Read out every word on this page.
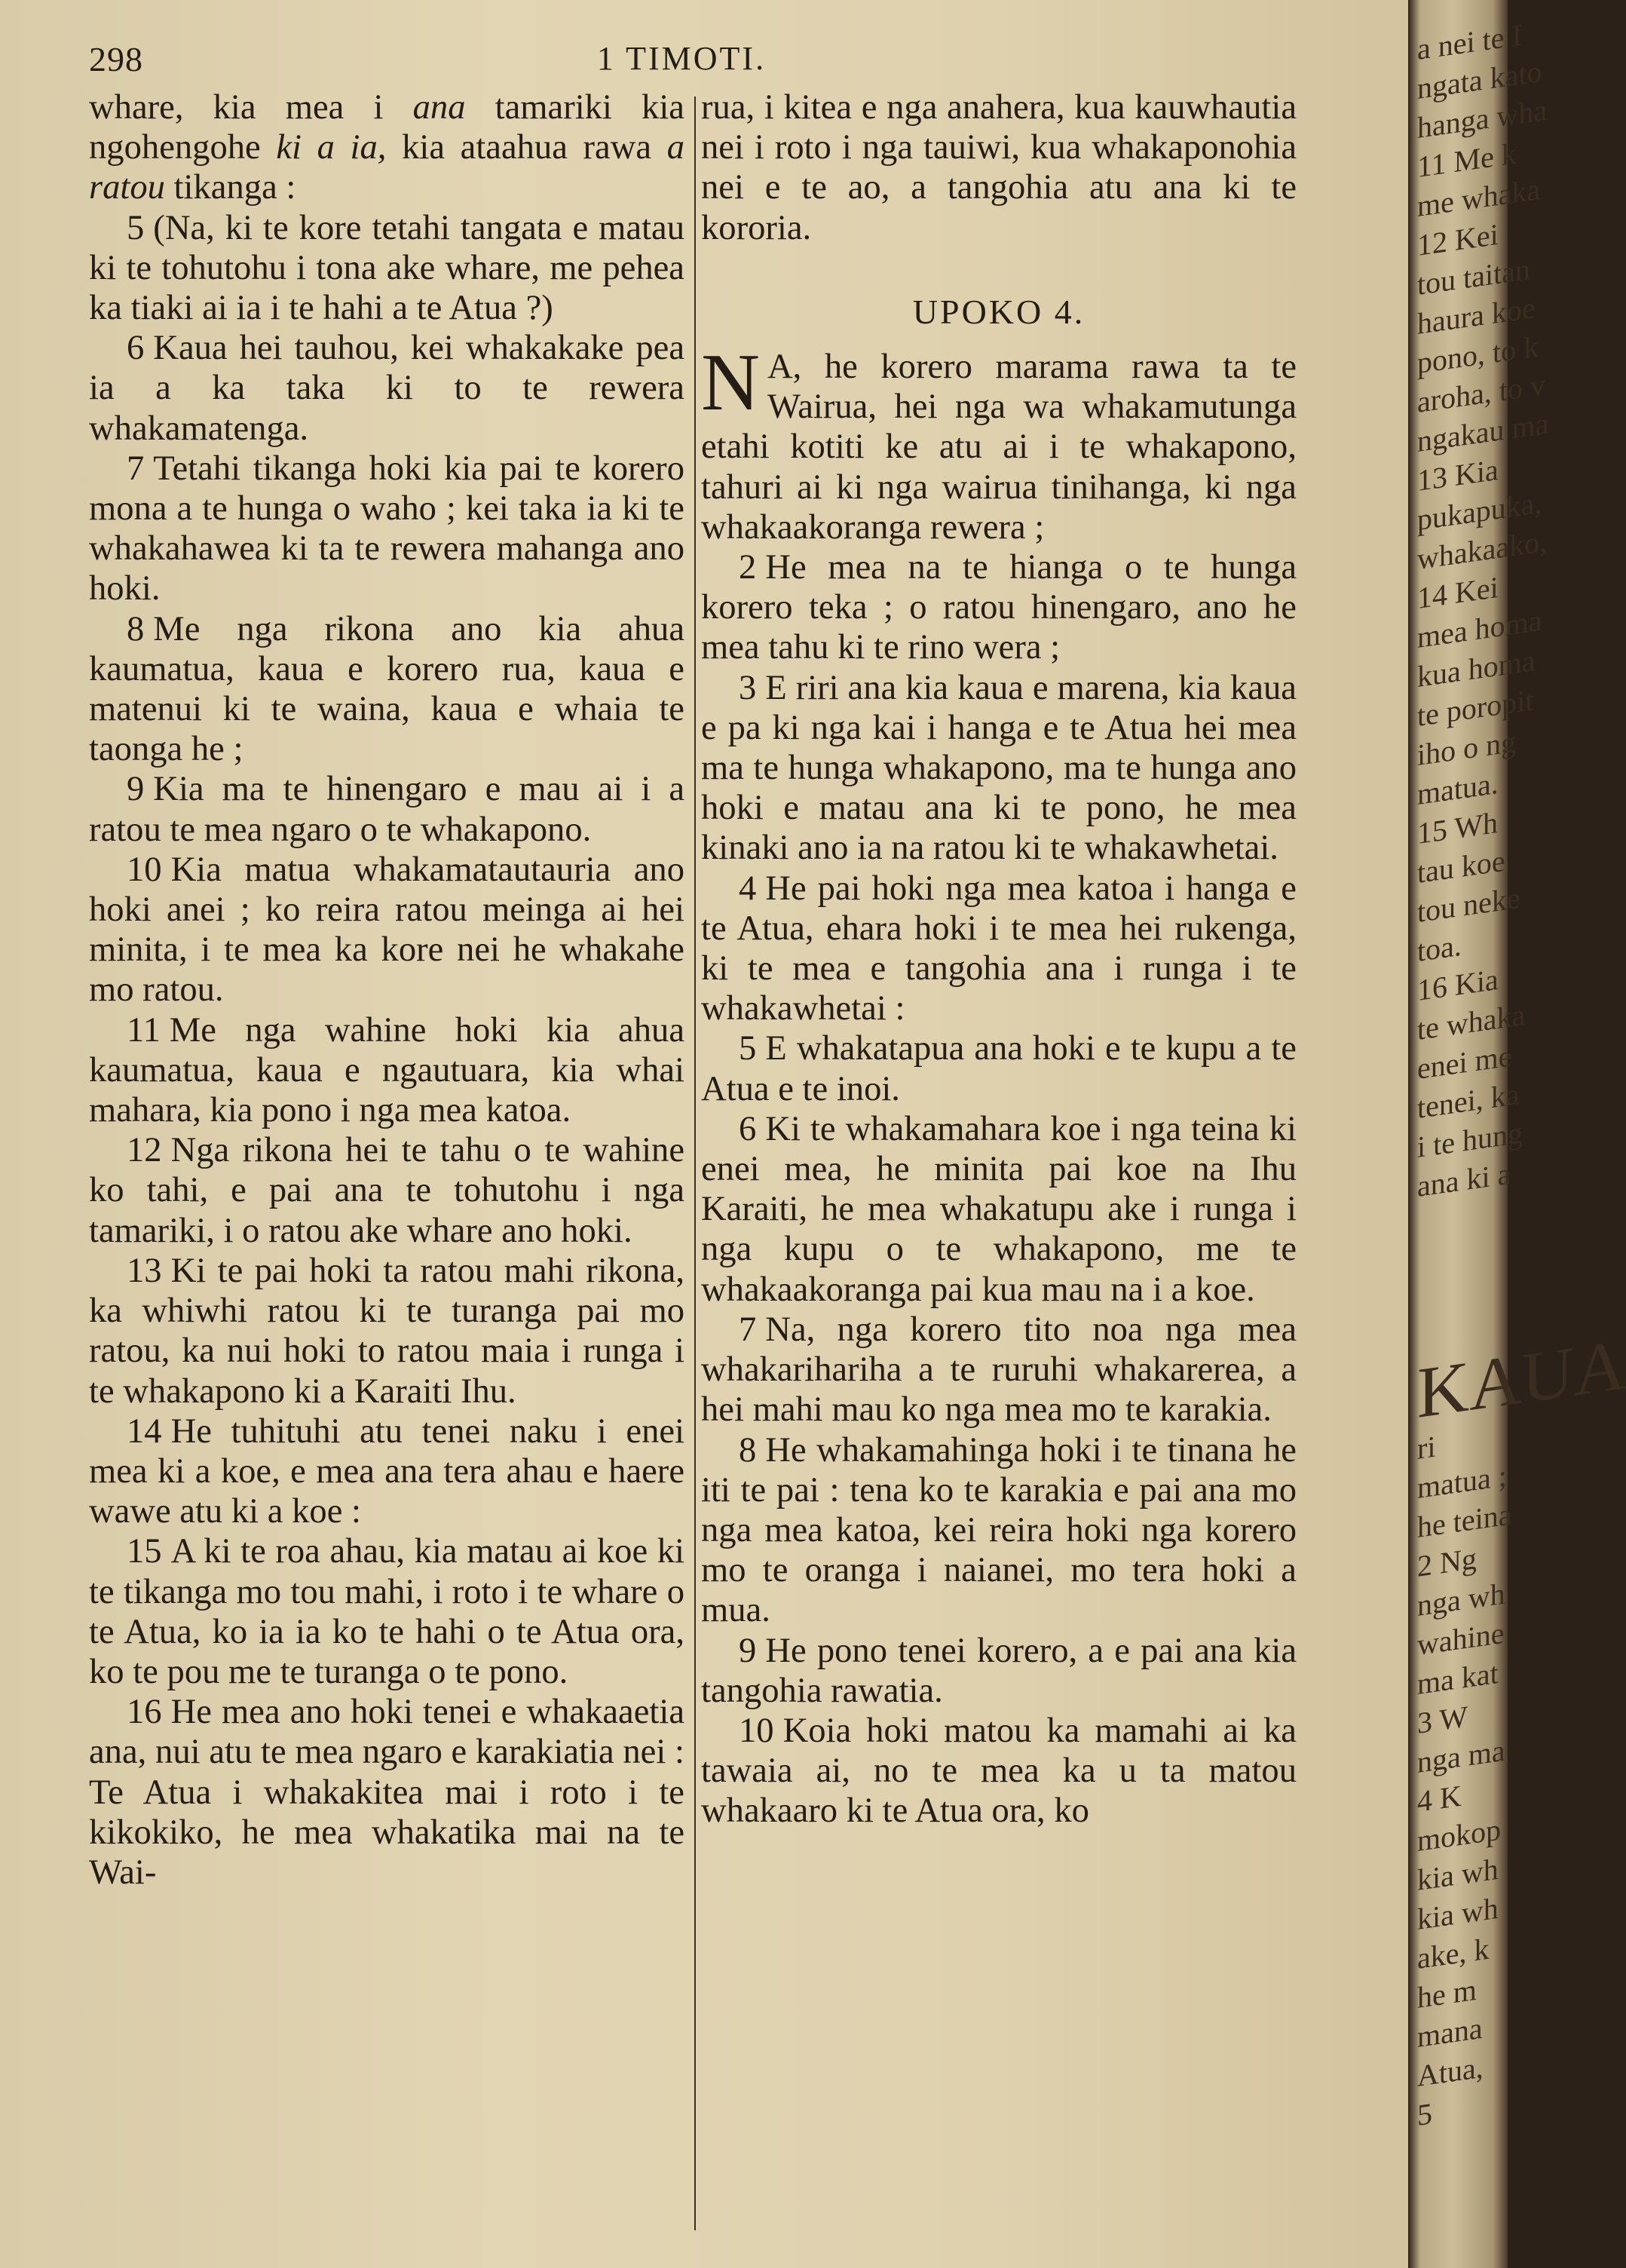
298	1 TIMOTI.

whare, kia mea i ana tamariki kia ngohengohe ki a ia, kia ataahua rawa a ratou tikanga :

5 (Na, ki te kore tetahi tangata e matau ki te tohutohu i tona ake whare, me pehea ka tiaki ai ia i te hahi a te Atua ?)

6 Kaua hei tauhou, kei whakakake pea ia a ka taka ki to te rewera whakamatenga.

7 Tetahi tikanga hoki kia pai te korero mona a te hunga o waho ; kei taka ia ki te whakahawea ki ta te rewera mahanga ano hoki.

8 Me nga rikona ano kia ahua kaumatua, kaua e korero rua, kaua e matenui ki te waina, kaua e whaia te taonga he ;

9 Kia ma te hinengaro e mau ai i a ratou te mea ngaro o te whakapono.

10 Kia matua whakamatautauria ano hoki anei ; ko reira ratou meinga ai hei minita, i te mea ka kore nei he whakahe mo ratou.

11 Me nga wahine hoki kia ahua kaumatua, kaua e ngautuara, kia whai mahara, kia pono i nga mea katoa.

12 Nga rikona hei te tahu o te wahine ko tahi, e pai ana te tohutohu i nga tamariki, i o ratou ake whare ano hoki.

13 Ki te pai hoki ta ratou mahi rikona, ka whiwhi ratou ki te turanga pai mo ratou, ka nui hoki to ratou maia i runga i te whakapono ki a Karaiti Ihu.

14 He tuhituhi atu tenei naku i enei mea ki a koe, e mea ana tera ahau e haere wawe atu ki a koe :

15 A ki te roa ahau, kia matau ai koe ki te tikanga mo tou mahi, i roto i te whare o te Atua, ko ia ia ko te hahi o te Atua ora, ko te pou me te turanga o te pono.

16 He mea ano hoki tenei e whakaaetia ana, nui atu te mea ngaro e karakiatia nei : Te Atua i whakakitea mai i roto i te kikokiko, he mea whakatika mai na te Wai-

rua, i kitea e nga anahera, kua kauwhautia nei i roto i nga tauiwi, kua whakaponohia nei e te ao, a tangohia atu ana ki te kororia.

UPOKO 4.

N A, he korero marama rawa ta te Wairua, hei nga wa whakamutunga etahi kotiti ke atu ai i te whakapono, tahuri ai ki nga wairua tinihanga, ki nga whakaakoranga rewera ;

2 He mea na te hianga o te hunga korero teka ; o ratou hinengaro, ano he mea tahu ki te rino wera ;

3 E riri ana kia kaua e marena, kia kaua e pa ki nga kai i hanga e te Atua hei mea ma te hunga whakapono, ma te hunga ano hoki e matau ana ki te pono, he mea kinaki ano ia na ratou ki te whakawhetai.

4 He pai hoki nga mea katoa i hanga e te Atua, ehara hoki i te mea hei rukenga, ki te mea e tangohia ana i runga i te whakawhetai :

5 E whakatapua ana hoki e te kupu a te Atua e te inoi.

6 Ki te whakamahara koe i nga teina ki enei mea, he minita pai koe na Ihu Karaiti, he mea whakatupu ake i runga i nga kupu o te whakapono, me te whakaakoranga pai kua mau na i a koe.

7 Na, nga korero tito noa nga mea whakarihariha a te ruruhi whakarerea, a hei mahi mau ko nga mea mo te karakia.

8 He whakamahinga hoki i te tinana he iti te pai : tena ko te karakia e pai ana mo nga mea katoa, kei reira hoki nga korero mo te oranga i naianei, mo tera hoki a mua.

9 He pono tenei korero, a e pai ana kia tangohia rawatia.

10 Koia hoki matou ka mamahi ai ka tawaia ai, no te mea ka u ta matou whakaaro ki te Atua ora, ko

a nei te I
ngata kato
hanga wha
11 Me k
me whaka
12 Kei
tou taitan
haura koe
pono, to k
aroha, to v
ngakau ma
13 Kia
pukapuka,
whakaako,
14 Kei
mea homa
kua homa
te poropit
iho o ng
matua.
15 Wh
tau koe
tou neke
toa.
16 Kia
te whaka
enei me
tenei, ka
i te hung
ana ki a
KAUA
ri
matua ;
he teina
2 Ng
nga wh
wahine
ma kat
3 W
nga ma
4 K
mokop
kia wh
kia wh
ake, k
he m
mana
Atua,
5
